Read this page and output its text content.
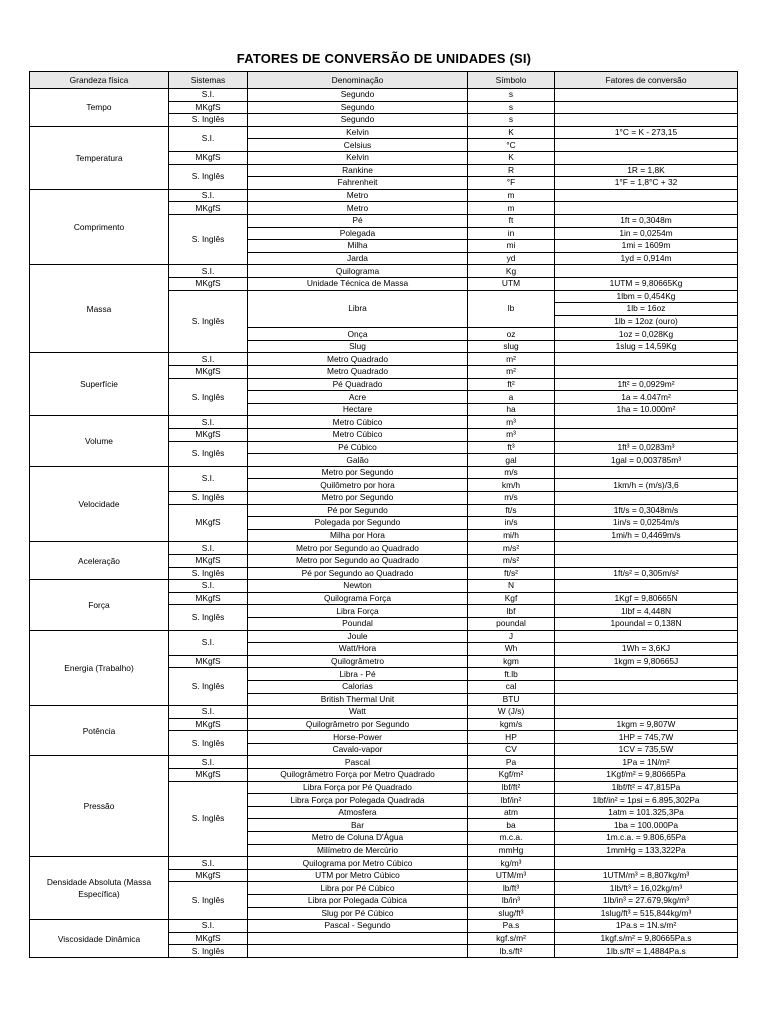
FATORES DE CONVERSÃO DE UNIDADES (SI)
Grandeza física	Sistemas	Denominação	Símbolo	Fatores de conversão
Tempo	S.I.	Segundo	s	
	MKgfS	Segundo	s	
	S. Inglês	Segundo	s	
Temperatura	S.I.	Kelvin	K	1°C = K - 273,15
		Celsius	°C	
	MKgfS	Kelvin	K	
	S. Inglês	Rankine	R	1R = 1,8K
		Fahrenheit	°F	1°F = 1,8°C + 32
Comprimento	S.I.	Metro	m	
	MKgfS	Metro	m	
	S. Inglês	Pé	ft	1ft = 0,3048m
		Polegada	in	1in = 0,0254m
		Milha	mi	1mi = 1609m
		Jarda	yd	1yd = 0,914m
Massa	S.I.	Quilograma	Kg	
	MKgfS	Unidade Técnica de Massa	UTM	1UTM = 9,80665Kg
	S. Inglês	Libra	lb	1lbm = 0,454Kg
				1lb = 16oz
				1lb = 12oz (ouro)
		Onça	oz	1oz = 0,028Kg
		Slug	slug	1slug = 14,59Kg
Superfície	S.I.	Metro Quadrado	m²	
	MKgfS	Metro Quadrado	m²	
	S. Inglês	Pé Quadrado	ft²	1ft² = 0,0929m²
		Acre	a	1a = 4.047m²
		Hectare	ha	1ha = 10.000m²
Volume	S.I.	Metro Cúbico	m³	
	MKgfS	Metro Cúbico	m³	
	S. Inglês	Pé Cúbico	ft³	1ft³ = 0,0283m³
		Galão	gal	1gal = 0,003785m³
Velocidade	S.I.	Metro por Segundo	m/s	
		Quilômetro por hora	km/h	1km/h = (m/s)/3,6
	S. Inglês	Metro por Segundo	m/s	
	MKgfS	Pé por Segundo	ft/s	1ft/s = 0,3048m/s
		Polegada por Segundo	in/s	1in/s = 0,0254m/s
		Milha por Hora	mi/h	1mi/h = 0,4469m/s
Aceleração	S.I.	Metro por Segundo ao Quadrado	m/s²	
	MKgfS	Metro por Segundo ao Quadrado	m/s²	
	S. Inglês	Pé por Segundo ao Quadrado	ft/s²	1ft/s² = 0,305m/s²
Força	S.I.	Newton	N	
	MKgfS	Quilograma Força	Kgf	1Kgf = 9,80665N
	S. Inglês	Libra Força	lbf	1lbf = 4,448N
		Poundal	poundal	1poundal = 0,138N
Energia (Trabalho)	S.I.	Joule	J	
		Watt/Hora	Wh	1Wh = 3,6KJ
	MKgfS	Quilogrâmetro	kgm	1kgm = 9,80665J
	S. Inglês	Libra - Pé	ft.lb	
		Calorias	cal	
		British Thermal Unit	BTU	
Potência	S.I.	Watt	W (J/s)	
	MKgfS	Quilogrâmetro por Segundo	kgm/s	1kgm = 9,807W
	S. Inglês	Horse-Power	HP	1HP = 745,7W
		Cavalo-vapor	CV	1CV = 735,5W
Pressão	S.I.	Pascal	Pa	1Pa = 1N/m²
	MKgfS	Quilogrâmetro Força por Metro Quadrado	Kgf/m²	1Kgf/m² = 9,80665Pa
	S. Inglês	Libra Força por Pé Quadrado	lbf/ft²	1lbf/ft² = 47,815Pa
		Libra Força por Polegada Quadrada	lbf/in²	1lbf/in² = 1psi = 6.895,302Pa
		Atmosfera	atm	1atm = 101.325,3Pa
		Bar	ba	1ba = 100.000Pa
		Metro de Coluna D'Água	m.c.a.	1m.c.a. = 9.806,65Pa
		Milímetro de Mercúrio	mmHg	1mmHg = 133,322Pa
Densidade Absoluta (Massa Específica)	S.I.	Quilograma por Metro Cúbico	kg/m³	
	MKgfS	UTM por Metro Cúbico	UTM/m³	1UTM/m³ = 8,807kg/m³
	S. Inglês	Libra por Pé Cúbico	lb/ft³	1lb/ft³ = 16,02kg/m³
		Libra por Polegada Cúbica	lb/in³	1lb/in³ = 27.679,9kg/m³
		Slug por Pé Cúbico	slug/ft³	1slug/ft³ = 515,844kg/m³
Viscosidade Dinâmica	S.I.	Pascal - Segundo	Pa.s	1Pa.s = 1N.s/m²
	MKgfS		kgf.s/m²	1kgf.s/m² = 9,80665Pa.s
	S. Inglês		lb.s/ft²	1lb.s/ft² = 1,4884Pa.s
